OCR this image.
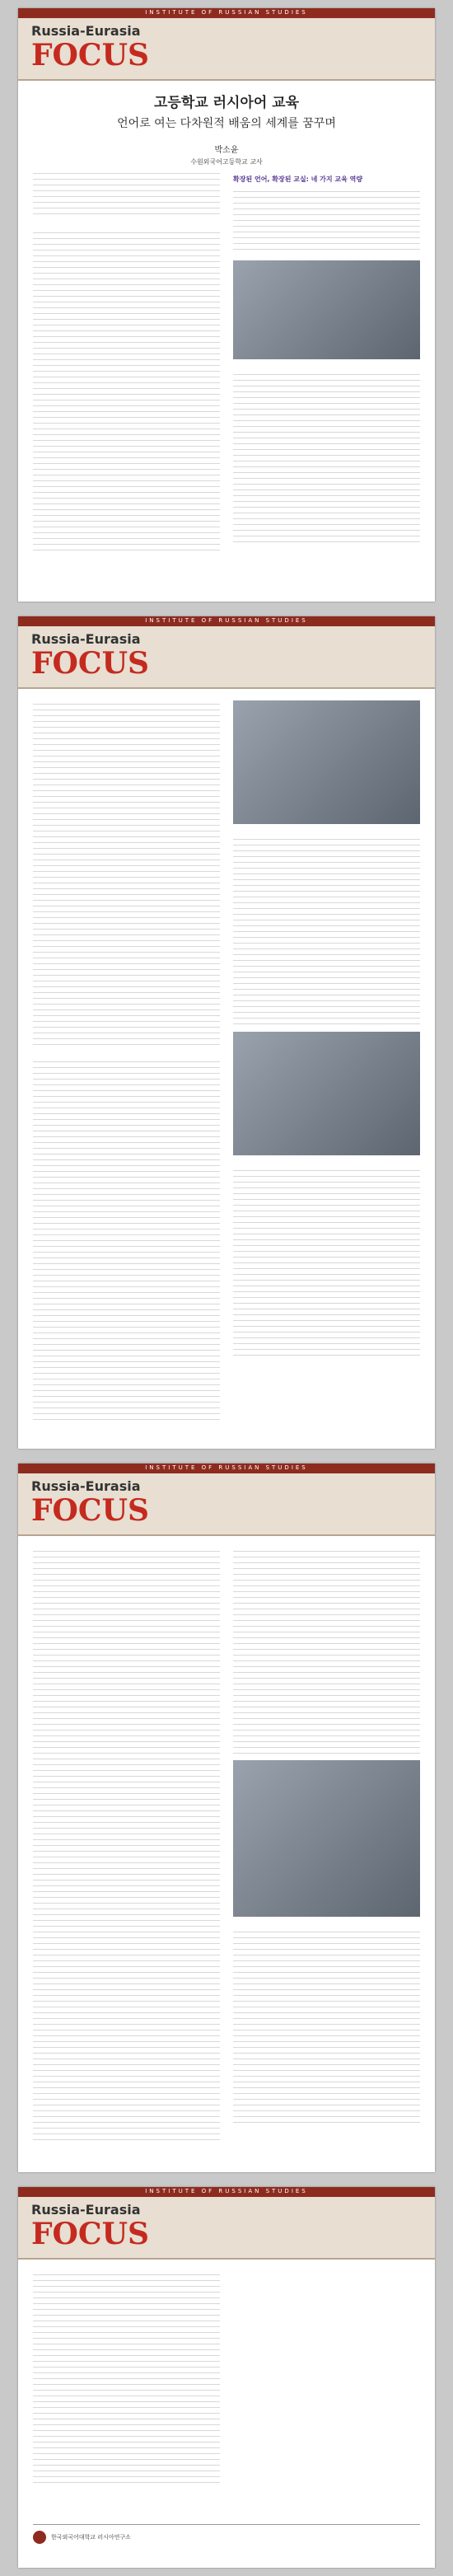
INSTITUTE OF RUSSIAN STUDIES
Russia-Eurasia
FOCUS
고등학교 러시아어 교육
언어로 여는 다차원적 배움의 세계를 꿈꾸며
박소윤
수원외국어고등학교 교사
확장된 언어, 확장된 교실: 네 가지 교육 역량
INSTITUTE OF RUSSIAN STUDIES
Russia-Eurasia
FOCUS
INSTITUTE OF RUSSIAN STUDIES
Russia-Eurasia
FOCUS
INSTITUTE OF RUSSIAN STUDIES
Russia-Eurasia
FOCUS
한국외국어대학교 러시아연구소
